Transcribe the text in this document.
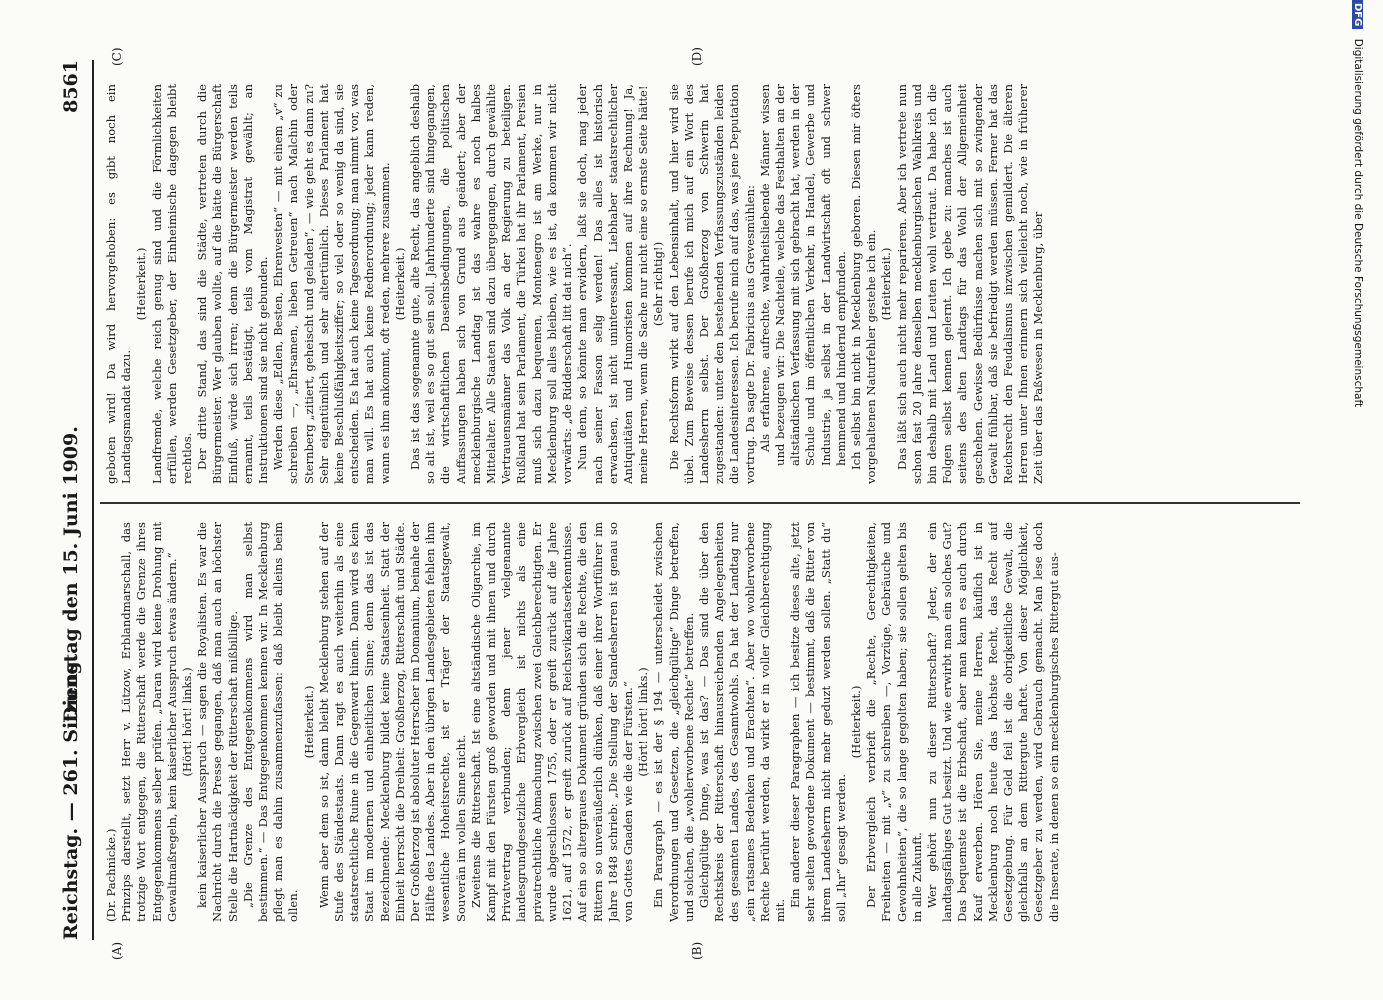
Reichstag. — 261. Sitzung.
Dienstag den 15. Juni 1909.  8561
(A)	(B)
(C)	(D)

(Dr. Pachnicke.) Prinzips darstellt, setzt Herr v. Lützow, Erblandmarschall, das trotzige Wort entgegen, die Ritterschaft werde die Grenze ihres Entgegenkommens selber prüfen. „Daran wird keine Drohung mit Gewaltmaßregeln, kein kaiserlicher Ausspruch etwas ändern.“ (Hört! hört! links.) kein kaiserlicher Ausspruch — sagen die Royalisten. Es war die Nachricht durch die Presse gegangen, daß man auch an höchster Stelle die Hartnäckigkeit der Ritterschaft mißbillige. „Die Grenze des Entgegenkommens wird man selbst bestimmen.“ — Das Entgegenkommen kennen wir. In Mecklenburg pflegt man es dahin zusammenzufassen: daß bleibt alleins beim ollen.

(Heiterkeit.) Wenn aber dem so ist, dann bleibt Mecklenburg stehen auf der Stufe des Ständestaats. Dann ragt es auch weiterhin als eine staatsrechtliche Ruine in die Gegenwart hinein. Dann wird es kein Staat im modernen und einheitlichen Sinne; denn das ist das Bezeichnende: Mecklenburg bildet keine Staatseinheit. Statt der Einheit herrscht die Dreiheit: Großherzog, Ritterschaft und Städte. Der Großherzog ist absoluter Herrscher im Domanium, beinahe der Hälfte des Landes. Aber in den übrigen Landesgebieten fehlen ihm wesentliche Hoheitsrechte, ist er Träger der Staatsgewalt, Souverän im vollen Sinne nicht. Zweitens die Ritterschaft. Ist eine altständische Oligarchie, im Kampf mit den Fürsten groß geworden und mit ihnen und durch Privatvertrag verbunden; denn jener vielgenannte landesgrundgesetzliche Erbvergleich ist nichts als eine privatrechtliche Abmachung zwischen zwei Gleichberechtigten. Er wurde abgeschlossen 1755, oder er greift zurück auf die Jahre 1621, auf 1572, er greift zurück auf Reichsvikariatserkenntnisse. Auf ein so altergraues Dokument gründen sich die Rechte, die den Rittern so unveräußerlich dünken, daß einer ihrer Wortführer im Jahre 1848 schrieb: „Die Stellung der Standesherren ist genau so von Gottes Gnaden wie die der Fürsten.“ (Hört! hört! links.) Ein Paragraph — es ist der § 194 — unterscheidet zwischen Verordnungen und Gesetzen, die „gleichgültige“ Dinge betreffen, und solchen, die „wohlerworbene Rechte“ betreffen. Gleichgültige Dinge, was ist das? — Das sind die über den Rechtskreis der Ritterschaft hinausreichenden Angelegenheiten des gesamten Landes, des Gesamtwohls. Da hat der Landtag nur „ein ratsames Bedenken und Erachten“. Aber wo wohlerworbene Rechte berührt werden, da wirkt er in voller Gleichberechtigung mit.

Ein anderer dieser Paragraphen — ich besitze dieses alte, jetzt sehr selten gewordene Dokument — bestimmt, daß die Ritter von ihrem Landesherrn nicht mehr geduzt werden sollen. „Statt du“ soll „Ihr“ gesagt werden.

(Heiterkeit.) Der Erbvergleich verbrieft die „Rechte, Gerechtigkeiten, Freiheiten — mit „v“ zu schreiben —, Vorzüge, Gebräuche und Gewohnheiten“, die so lange gegolten haben; sie sollen gelten bis in alle Zukunft. Wer gehört nun zu dieser Ritterschaft? Jeder, der ein landtagsfähiges Gut besitzt. Und wie erwirbt man ein solches Gut? Das bequemste ist die Erbschaft, aber man kann es auch durch Kauf erwerben. Hören Sie, meine Herren, käuflich ist in Mecklenburg noch heute das höchste Recht, das Recht auf Gesetzgebung. Für Geld feil ist die obrigkeitliche Gewalt, die gleichfalls an dem Rittergute haftet. Von dieser Möglichkeit, Gesetzgeber zu werden, wird Gebrauch gemacht. Man lese doch die Inserate, in denen so ein mecklenburgisches Rittergut aus-

geboten wird! Da wird hervorgehoben: es gibt noch ein Landtagsmandat dazu.

(Heiterkeit.) Landfremde, welche reich genug sind und die Förmlichkeiten erfüllen, werden Gesetzgeber, der Einheimische dagegen bleibt rechtlos. Der dritte Stand, das sind die Städte, vertreten durch die Bürgermeister. Wer glauben wollte, auf die hätte die Bürgerschaft Einfluß, würde sich irren; denn die Bürgermeister werden teils ernannt, teils bestätigt, teils vom Magistrat gewählt; an Instruktionen sind sie nicht gebunden. Werden diese „Edlen, Besten, Ehrenvesten“ — mit einem „v“ zu schreiben —, „Ehrsamen, lieben Getreuen“ nach Malchin oder Sternberg „zitiert, geheischt und geladen“, — wie geht es dann zu? Sehr eigentümlich und sehr altertümlich. Dieses Parlament hat keine Beschlußfähigkeitsziffer; so viel oder so wenig da sind, sie entscheiden. Es hat auch keine Tagesordnung; man nimmt vor, was man will. Es hat auch keine Rednerordnung; jeder kann reden, wann es ihm ankommt, oft reden, mehrere zusammen. (Heiterkeit.) Das ist das sogenannte gute, alte Recht, das angeblich deshalb so alt ist, weil es so gut sein soll. Jahrhunderte sind hingegangen, die wirtschaftlichen Daseinsbedingungen, die politischen Auffassungen haben sich von Grund aus geändert; aber der mecklenburgische Landtag ist das wahre es noch halbes Mittelalter. Alle Staaten sind dazu übergegangen, durch gewählte Vertrauensmänner das Volk an der Regierung zu beteiligen. Rußland hat sein Parlament, die Türkei hat ihr Parlament, Persien muß sich dazu bequemen, Montenegro ist am Werke, nur in Mecklenburg soll alles bleiben, wie es ist, da kommen wir nicht vorwärts: „de Ridderschaft litt dat nich“. Nun denn, so könnte man erwidern, laßt sie doch, mag jeder nach seiner Fasson selig werden! Das alles ist historisch erwachsen, ist nicht uninteressant, Liebhaber staatsrechtlicher Antiquitäten und Humoristen kommen auf ihre Rechnung! Ja, meine Herren, wenn die Sache nur nicht eine so ernste Seite hätte! (Sehr richtig!) Die Rechtsform wirkt auf den Lebensinhalt, und hier wird sie übel. Zum Beweise dessen berufe ich mich auf ein Wort des Landesherrn selbst. Der Großherzog von Schwerin hat zugestanden: unter den bestehenden Verfassungszuständen leiden die Landesinteressen. Ich berufe mich auf das, was jene Deputation vortrug. Da sagte Dr. Fabricius aus Grevesmühlen: Als erfahrene, aufrechte, wahrheitsliebende Männer wissen und bezeugen wir: Die Nachteile, welche das Festhalten an der altständischen Verfassung mit sich gebracht hat, werden in der Schule und im öffentlichen Verkehr, in Handel, Gewerbe und Industrie, ja selbst in der Landwirtschaft oft und schwer hemmend und hindernd empfunden. Ich selbst bin nicht in Mecklenburg geboren. Diesen mir öfters vorgehaltenen Naturfehler gestehe ich ein. (Heiterkeit.) Das läßt sich auch nicht mehr reparieren. Aber ich vertrete nun schon fast 20 Jahre denselben mecklenburgischen Wahlkreis und bin deshalb mit Land und Leuten wohl vertraut. Da habe ich die Folgen selbst kennen gelernt. Ich gebe zu: manches ist auch seitens des alten Landtags für das Wohl der Allgemeinheit geschehen. Gewisse Bedürfnisse machen sich mit so zwingender Gewalt fühlbar, daß sie befriedigt werden müssen. Ferner hat das Reichsrecht den Feudalismus inzwischen gemildert. Die älteren Herren unter Ihnen erinnern sich vielleicht noch, wie in früherer Zeit über das Paßwesen in Mecklenburg, über

DFG Digitalisierung gefördert durch die Deutsche Forschungsgemeinschaft
